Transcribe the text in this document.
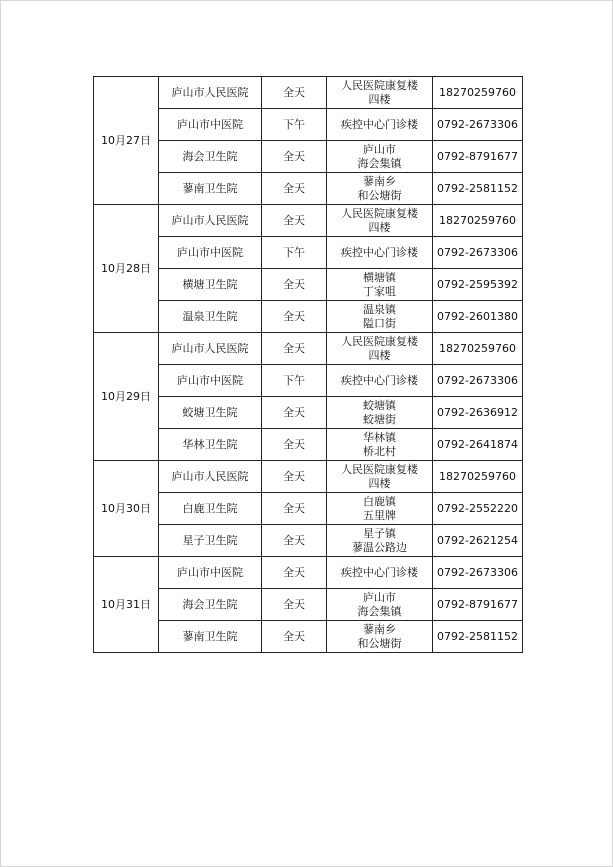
10月27日	庐山市人民医院	全天	人民医院康复楼
四楼	18270259760
	庐山市中医院	下午	疾控中心门诊楼	0792-2673306
	海会卫生院	全天	庐山市
海会集镇	0792-8791677
	蓼南卫生院	全天	蓼南乡
和公塘街	0792-2581152
10月28日	庐山市人民医院	全天	人民医院康复楼
四楼	18270259760
	庐山市中医院	下午	疾控中心门诊楼	0792-2673306
	横塘卫生院	全天	横塘镇
丁家咀	0792-2595392
	温泉卫生院	全天	温泉镇
隘口街	0792-2601380
10月29日	庐山市人民医院	全天	人民医院康复楼
四楼	18270259760
	庐山市中医院	下午	疾控中心门诊楼	0792-2673306
	蛟塘卫生院	全天	蛟塘镇
蛟塘街	0792-2636912
	华林卫生院	全天	华林镇
桥北村	0792-2641874
10月30日	庐山市人民医院	全天	人民医院康复楼
四楼	18270259760
	白鹿卫生院	全天	白鹿镇
五里牌	0792-2552220
	星子卫生院	全天	星子镇
蓼温公路边	0792-2621254
10月31日	庐山市中医院	全天	疾控中心门诊楼	0792-2673306
	海会卫生院	全天	庐山市
海会集镇	0792-8791677
	蓼南卫生院	全天	蓼南乡
和公塘街	0792-2581152
